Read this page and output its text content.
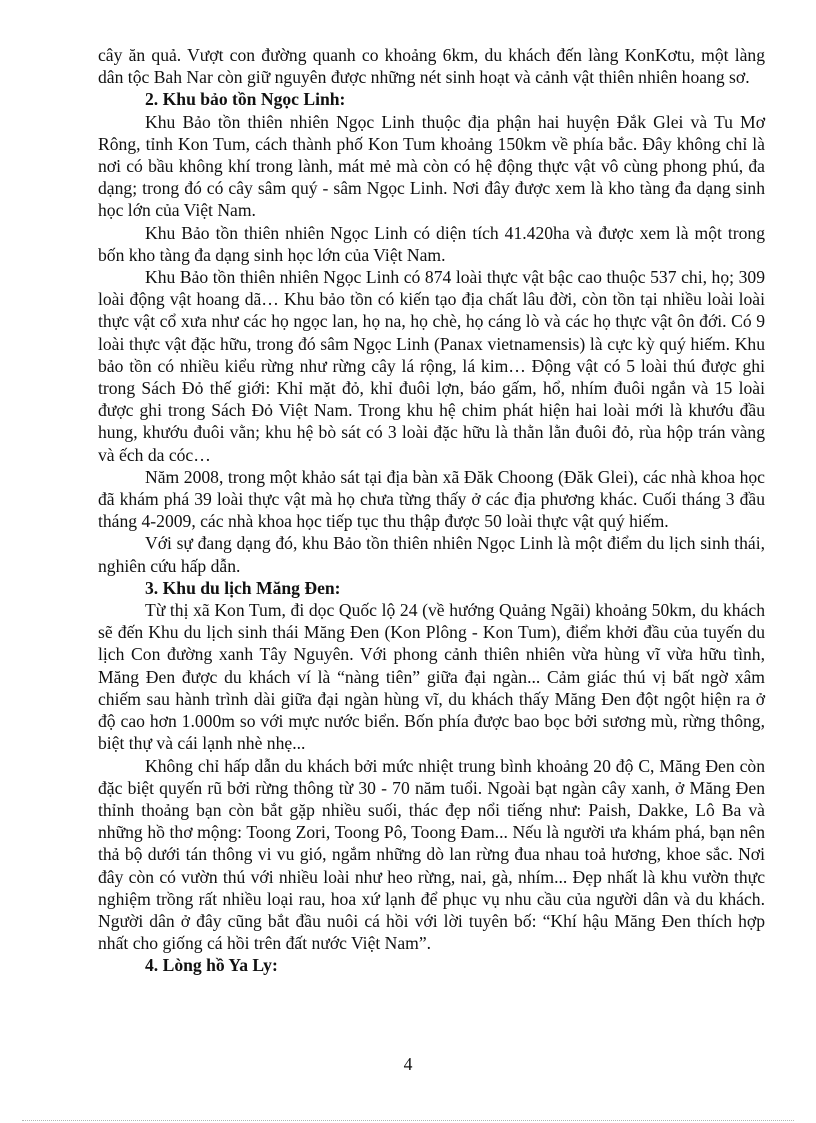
cây ăn quả. Vượt con đường quanh co khoảng 6km, du khách đến làng KonKơtu, một làng dân tộc Bah Nar còn giữ nguyên được những nét sinh hoạt và cảnh vật thiên nhiên hoang sơ.

2. Khu bảo tồn Ngọc Linh:

Khu Bảo tồn thiên nhiên Ngọc Linh thuộc địa phận hai huyện Đắk Glei và Tu Mơ Rông, tỉnh Kon Tum, cách thành phố Kon Tum khoảng 150km về phía bắc. Đây không chỉ là nơi có bầu không khí trong lành, mát mẻ mà còn có hệ động thực vật vô cùng phong phú, đa dạng; trong đó có cây sâm quý - sâm Ngọc Linh. Nơi đây được xem là kho tàng đa dạng sinh học lớn của Việt Nam.

Khu Bảo tồn thiên nhiên Ngọc Linh có diện tích 41.420ha và được xem là một trong bốn kho tàng đa dạng sinh học lớn của Việt Nam.

Khu Bảo tồn thiên nhiên Ngọc Linh có 874 loài thực vật bậc cao thuộc 537 chi, họ; 309 loài động vật hoang dã… Khu bảo tồn có kiến tạo địa chất lâu đời, còn tồn tại nhiều loài loài thực vật cổ xưa như các họ ngọc lan, họ na, họ chè, họ cáng lò và các họ thực vật ôn đới. Có 9 loài thực vật đặc hữu, trong đó sâm Ngọc Linh (Panax vietnamensis) là cực kỳ quý hiếm. Khu bảo tồn có nhiều kiểu rừng như rừng cây lá rộng, lá kim… Động vật có 5 loài thú được ghi trong Sách Đỏ thế giới: Khỉ mặt đỏ, khỉ đuôi lợn, báo gấm, hổ, nhím đuôi ngắn và 15 loài được ghi trong Sách Đỏ Việt Nam. Trong khu hệ chim phát hiện hai loài mới là khướu đầu hung, khướu đuôi vằn; khu hệ bò sát có 3 loài đặc hữu là thằn lằn đuôi đỏ, rùa hộp trán vàng và ếch da cóc…

Năm 2008, trong một khảo sát tại địa bàn xã Đăk Choong (Đăk Glei), các nhà khoa học đã khám phá 39 loài thực vật mà họ chưa từng thấy ở các địa phương khác. Cuối tháng 3 đầu tháng 4-2009, các nhà khoa học tiếp tục thu thập được 50 loài thực vật quý hiếm.

Với sự đang dạng đó, khu Bảo tồn thiên nhiên Ngọc Linh là một điểm du lịch sinh thái, nghiên cứu hấp dẫn.

3. Khu du lịch Măng Đen:

Từ thị xã Kon Tum, đi dọc Quốc lộ 24 (về hướng Quảng Ngãi) khoảng 50km, du khách sẽ đến Khu du lịch sinh thái Măng Đen (Kon Plông - Kon Tum), điểm khởi đầu của tuyến du lịch Con đường xanh Tây Nguyên. Với phong cảnh thiên nhiên vừa hùng vĩ vừa hữu tình, Măng Đen được du khách ví là “nàng tiên” giữa đại ngàn... Cảm giác thú vị bất ngờ xâm chiếm sau hành trình dài giữa đại ngàn hùng vĩ, du khách thấy Măng Đen đột ngột hiện ra ở độ cao hơn 1.000m so với mực nước biển. Bốn phía được bao bọc bởi sương mù, rừng thông, biệt thự và cái lạnh nhè nhẹ...

Không chỉ hấp dẫn du khách bởi mức nhiệt trung bình khoảng 20 độ C, Măng Đen còn đặc biệt quyến rũ bởi rừng thông từ 30 - 70 năm tuổi. Ngoài bạt ngàn cây xanh, ở Măng Đen thỉnh thoảng bạn còn bắt gặp nhiều suối, thác đẹp nổi tiếng như: Paish, Dakke, Lô Ba và những hồ thơ mộng: Toong Zori, Toong Pô, Toong Đam... Nếu là người ưa khám phá, bạn nên thả bộ dưới tán thông vi vu gió, ngắm những dò lan rừng đua nhau toả hương, khoe sắc. Nơi đây còn có vườn thú với nhiều loài như heo rừng, nai, gà, nhím... Đẹp nhất là khu vườn thực nghiệm trồng rất nhiều loại rau, hoa xứ lạnh để phục vụ nhu cầu của người dân và du khách. Người dân ở đây cũng bắt đầu nuôi cá hồi với lời tuyên bố: “Khí hậu Măng Đen thích hợp nhất cho giống cá hồi trên đất nước Việt Nam”.

4. Lòng hồ Ya Ly:
4
